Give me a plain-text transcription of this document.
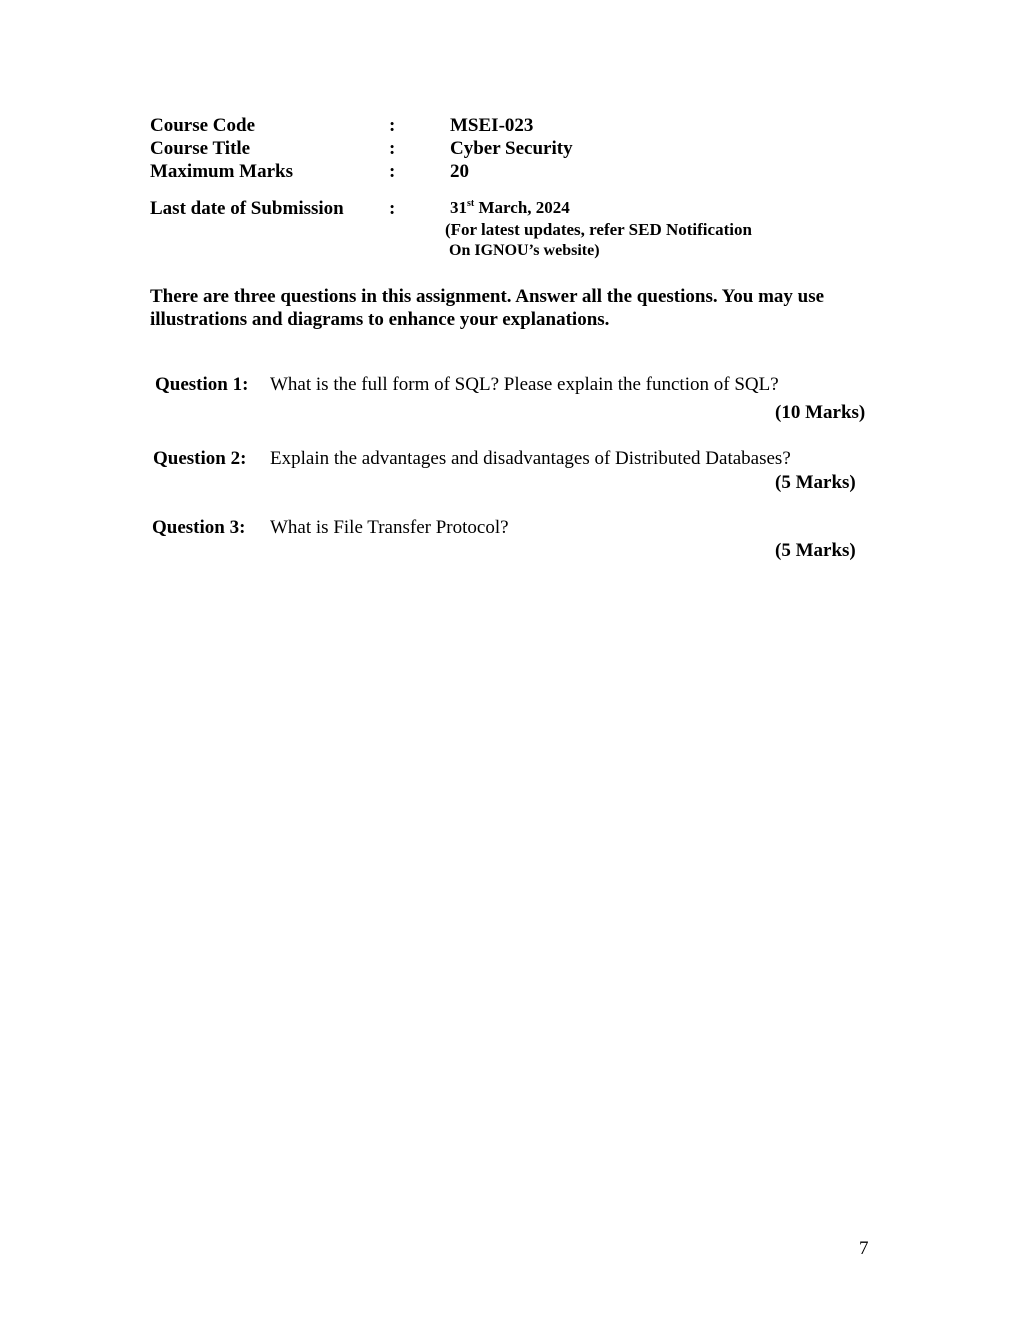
Course Code	:	MSEI-023
Course Title	:	Cyber Security
Maximum Marks	:	20
Last date of Submission :	31st March, 2024
(For latest updates, refer SED Notification
On IGNOU’s website)
There are three questions in this assignment. Answer all the questions. You may use illustrations and diagrams to enhance your explanations.
Question 1: What is the full form of SQL? Please explain the function of SQL?
(10 Marks)
Question 2: Explain the advantages and disadvantages of Distributed Databases?
(5 Marks)
Question 3: What is File Transfer Protocol?
(5 Marks)
7
